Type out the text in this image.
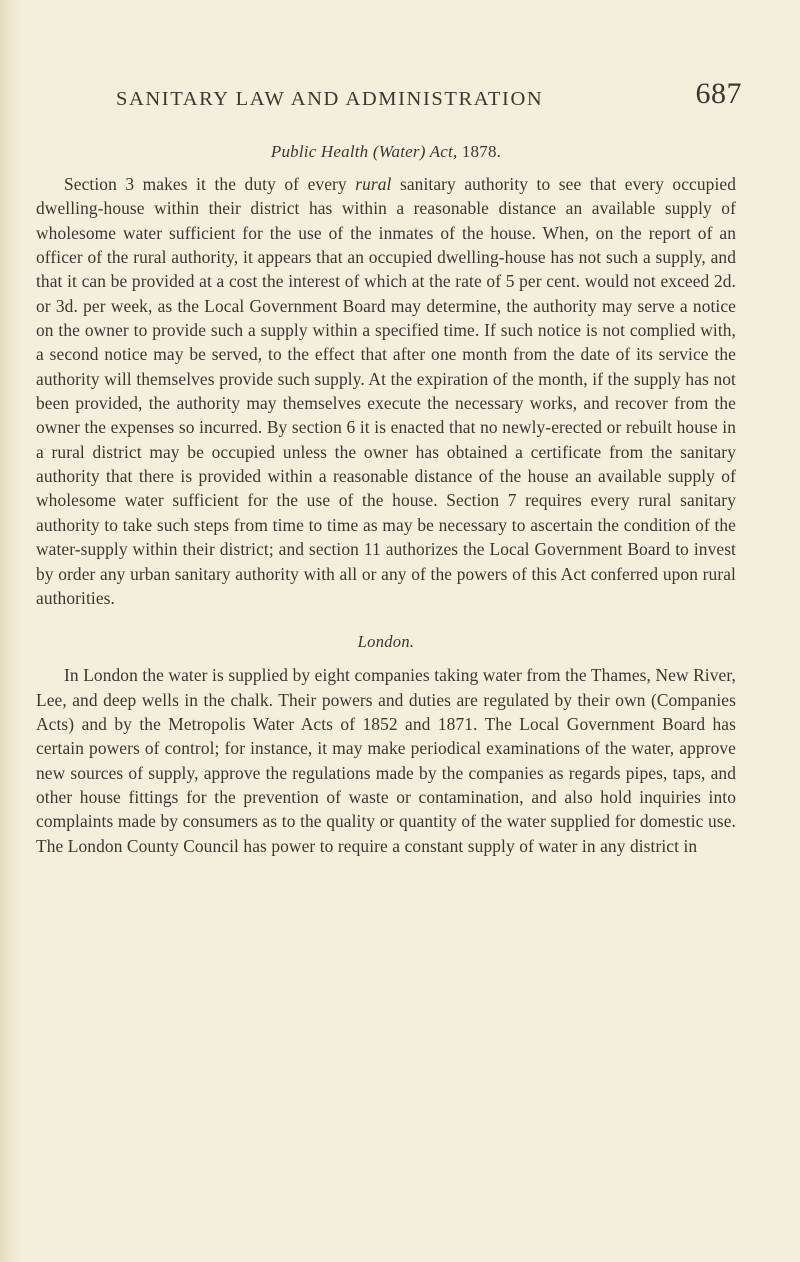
SANITARY LAW AND ADMINISTRATION	687
Public Health (Water) Act, 1878.

Section 3 makes it the duty of every rural sanitary authority to see that every occupied dwelling-house within their district has within a reasonable distance an available supply of wholesome water sufficient for the use of the inmates of the house. When, on the report of an officer of the rural authority, it appears that an occupied dwelling-house has not such a supply, and that it can be provided at a cost the interest of which at the rate of 5 per cent. would not exceed 2d. or 3d. per week, as the Local Government Board may determine, the authority may serve a notice on the owner to provide such a supply within a specified time. If such notice is not complied with, a second notice may be served, to the effect that after one month from the date of its service the authority will themselves provide such supply. At the expiration of the month, if the supply has not been provided, the authority may themselves execute the necessary works, and recover from the owner the expenses so incurred. By section 6 it is enacted that no newly-erected or rebuilt house in a rural district may be occupied unless the owner has obtained a certificate from the sanitary authority that there is provided within a reasonable distance of the house an available supply of wholesome water sufficient for the use of the house. Section 7 requires every rural sanitary authority to take such steps from time to time as may be necessary to ascertain the condition of the water-supply within their district; and section 11 authorizes the Local Government Board to invest by order any urban sanitary authority with all or any of the powers of this Act conferred upon rural authorities.

London.

In London the water is supplied by eight companies taking water from the Thames, New River, Lee, and deep wells in the chalk. Their powers and duties are regulated by their own (Companies Acts) and by the Metropolis Water Acts of 1852 and 1871. The Local Government Board has certain powers of control; for instance, it may make periodical examinations of the water, approve new sources of supply, approve the regulations made by the companies as regards pipes, taps, and other house fittings for the prevention of waste or contamination, and also hold inquiries into complaints made by consumers as to the quality or quantity of the water supplied for domestic use. The London County Council has power to require a constant supply of water in any district in
